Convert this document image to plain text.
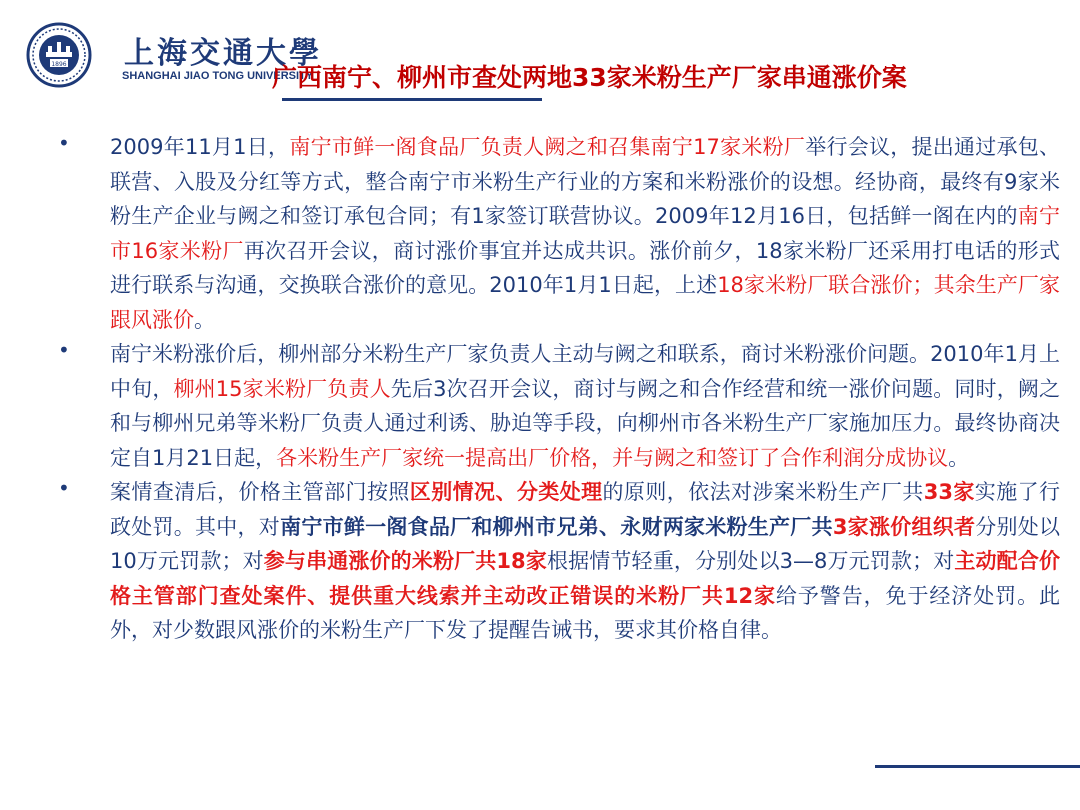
1896 上海交通大學
SHANGHAI JIAO TONG UNIVERSITY
广西南宁、柳州市查处两地33家米粉生产厂家串通涨价案
• 2009年11月1日，南宁市鲜一阁食品厂负责人阙之和召集南宁17家米粉厂举行会议，提出通过承包、联营、入股及分红等方式，整合南宁市米粉生产行业的方案和米粉涨价的设想。经协商，最终有9家米粉生产企业与阙之和签订承包合同；有1家签订联营协议。2009年12月16日，包括鲜一阁在内的南宁市16家米粉厂再次召开会议，商讨涨价事宜并达成共识。涨价前夕，18家米粉厂还采用打电话的形式进行联系与沟通，交换联合涨价的意见。2010年1月1日起，上述18家米粉厂联合涨价；其余生产厂家跟风涨价。

• 南宁米粉涨价后，柳州部分米粉生产厂家负责人主动与阙之和联系，商讨米粉涨价问题。2010年1月上中旬，柳州15家米粉厂负责人先后3次召开会议，商讨与阙之和合作经营和统一涨价问题。同时，阙之和与柳州兄弟等米粉厂负责人通过利诱、胁迫等手段，向柳州市各米粉生产厂家施加压力。最终协商决定自1月21日起，各米粉生产厂家统一提高出厂价格，并与阙之和签订了合作利润分成协议。

• 案情查清后，价格主管部门按照区别情况、分类处理的原则，依法对涉案米粉生产厂共33家实施了行政处罚。其中，对南宁市鲜一阁食品厂和柳州市兄弟、永财两家米粉生产厂共3家涨价组织者分别处以10万元罚款；对参与串通涨价的米粉厂共18家根据情节轻重，分别处以3—8万元罚款；对主动配合价格主管部门查处案件、提供重大线索并主动改正错误的米粉厂共12家给予警告，免于经济处罚。此外，对少数跟风涨价的米粉生产厂下发了提醒告诫书，要求其价格自律。
